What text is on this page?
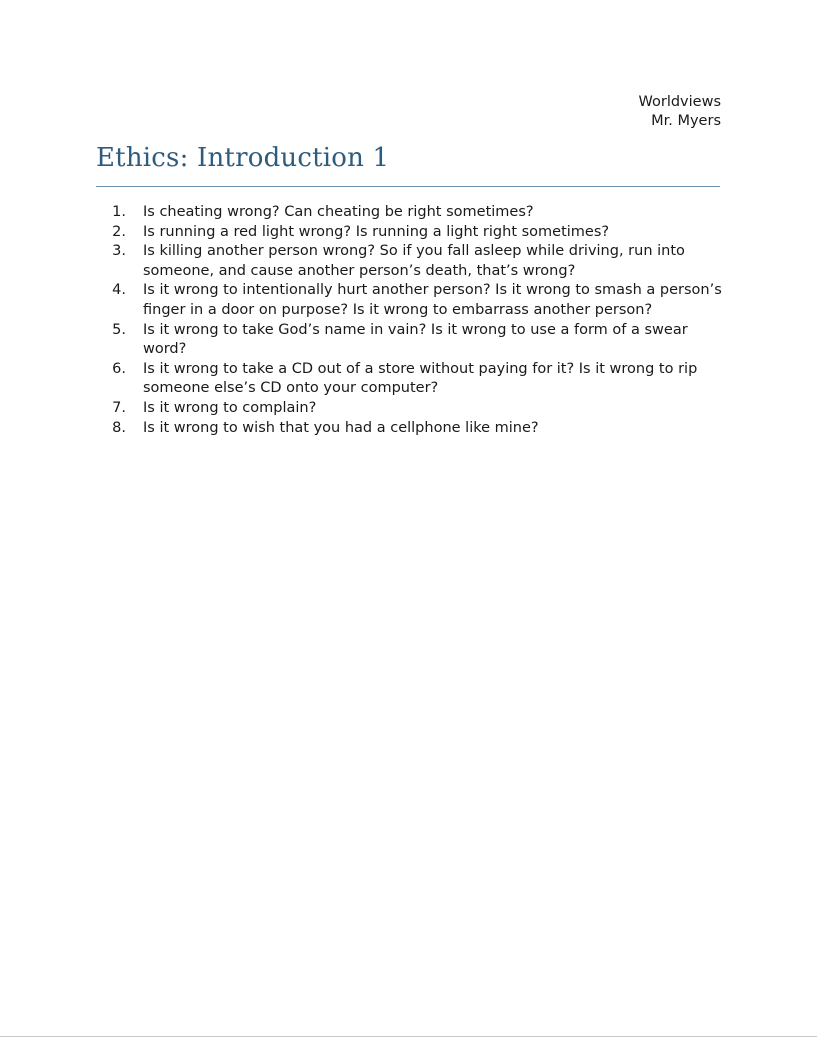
Worldviews
Mr. Myers
Ethics: Introduction 1
1.	Is cheating wrong? Can cheating be right sometimes?
2.	Is running a red light wrong? Is running a light right sometimes?
3.	Is killing another person wrong? So if you fall asleep while driving, run into someone, and cause another person’s death, that’s wrong?
4.	Is it wrong to intentionally hurt another person? Is it wrong to smash a person’s finger in a door on purpose? Is it wrong to embarrass another person?
5.	Is it wrong to take God’s name in vain? Is it wrong to use a form of a swear word?
6.	Is it wrong to take a CD out of a store without paying for it? Is it wrong to rip someone else’s CD onto your computer?
7.	Is it wrong to complain?
8.	Is it wrong to wish that you had a cellphone like mine?
